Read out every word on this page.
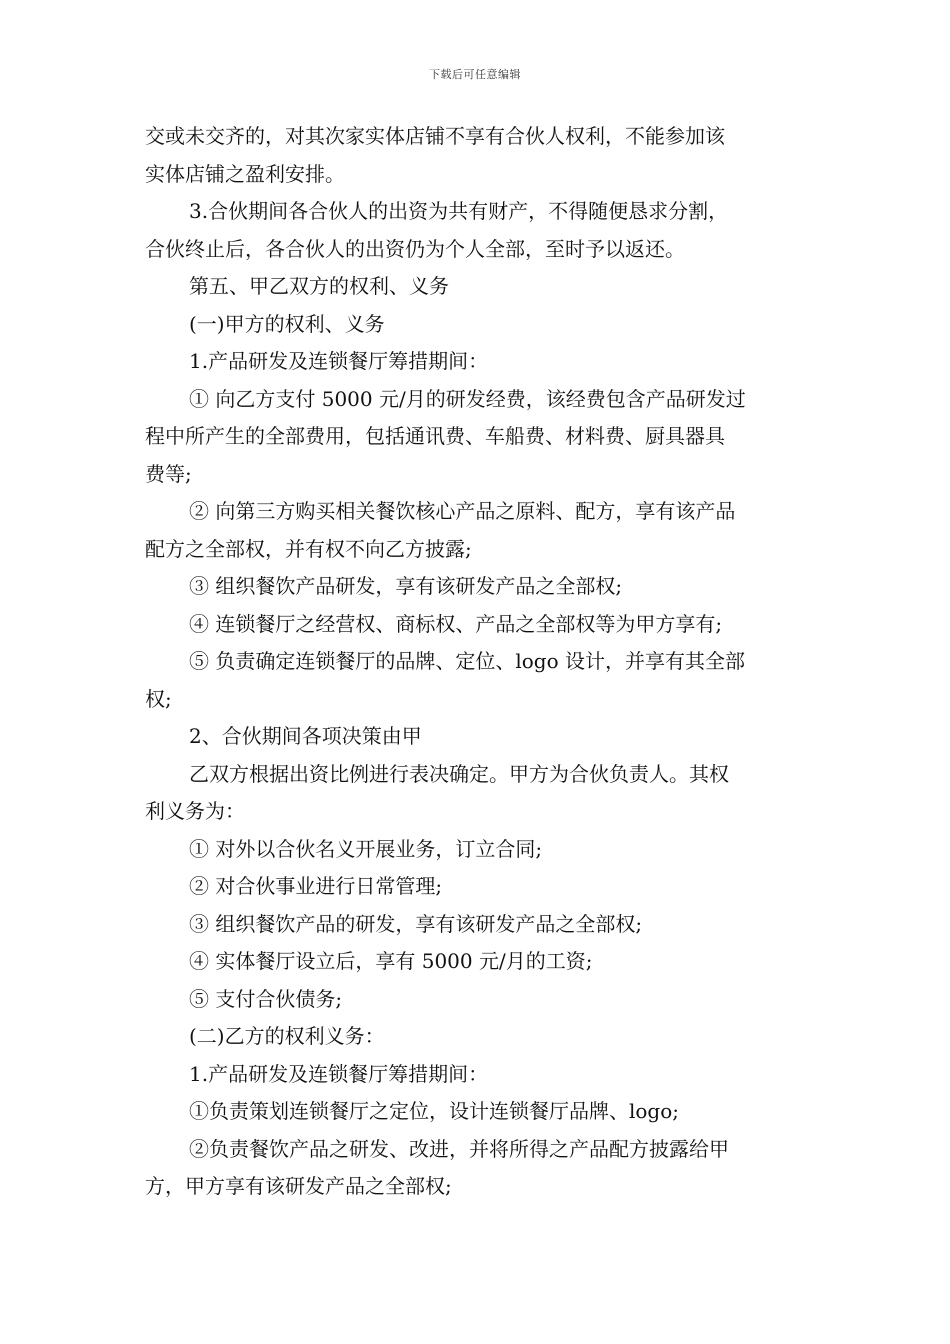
下载后可任意编辑
交或未交齐的，对其次家实体店铺不享有合伙人权利，不能参加该
实体店铺之盈利安排。
3.合伙期间各合伙人的出资为共有财产，不得随便恳求分割，
合伙终止后，各合伙人的出资仍为个人全部，至时予以返还。
第五、甲乙双方的权利、义务
(一)甲方的权利、义务
1.产品研发及连锁餐厅筹措期间：
① 向乙方支付 5000 元/月的研发经费，该经费包含产品研发过
程中所产生的全部费用，包括通讯费、车船费、材料费、厨具器具
费等;
② 向第三方购买相关餐饮核心产品之原料、配方，享有该产品
配方之全部权，并有权不向乙方披露;
③ 组织餐饮产品研发，享有该研发产品之全部权;
④ 连锁餐厅之经营权、商标权、产品之全部权等为甲方享有;
⑤ 负责确定连锁餐厅的品牌、定位、logo 设计，并享有其全部
权;
2、合伙期间各项决策由甲
乙双方根据出资比例进行表决确定。甲方为合伙负责人。其权
利义务为：
① 对外以合伙名义开展业务，订立合同;
② 对合伙事业进行日常管理;
③ 组织餐饮产品的研发，享有该研发产品之全部权;
④ 实体餐厅设立后，享有 5000 元/月的工资;
⑤ 支付合伙债务;
(二)乙方的权利义务：
1.产品研发及连锁餐厅筹措期间：
①负责策划连锁餐厅之定位，设计连锁餐厅品牌、logo;
②负责餐饮产品之研发、改进，并将所得之产品配方披露给甲
方，甲方享有该研发产品之全部权;
